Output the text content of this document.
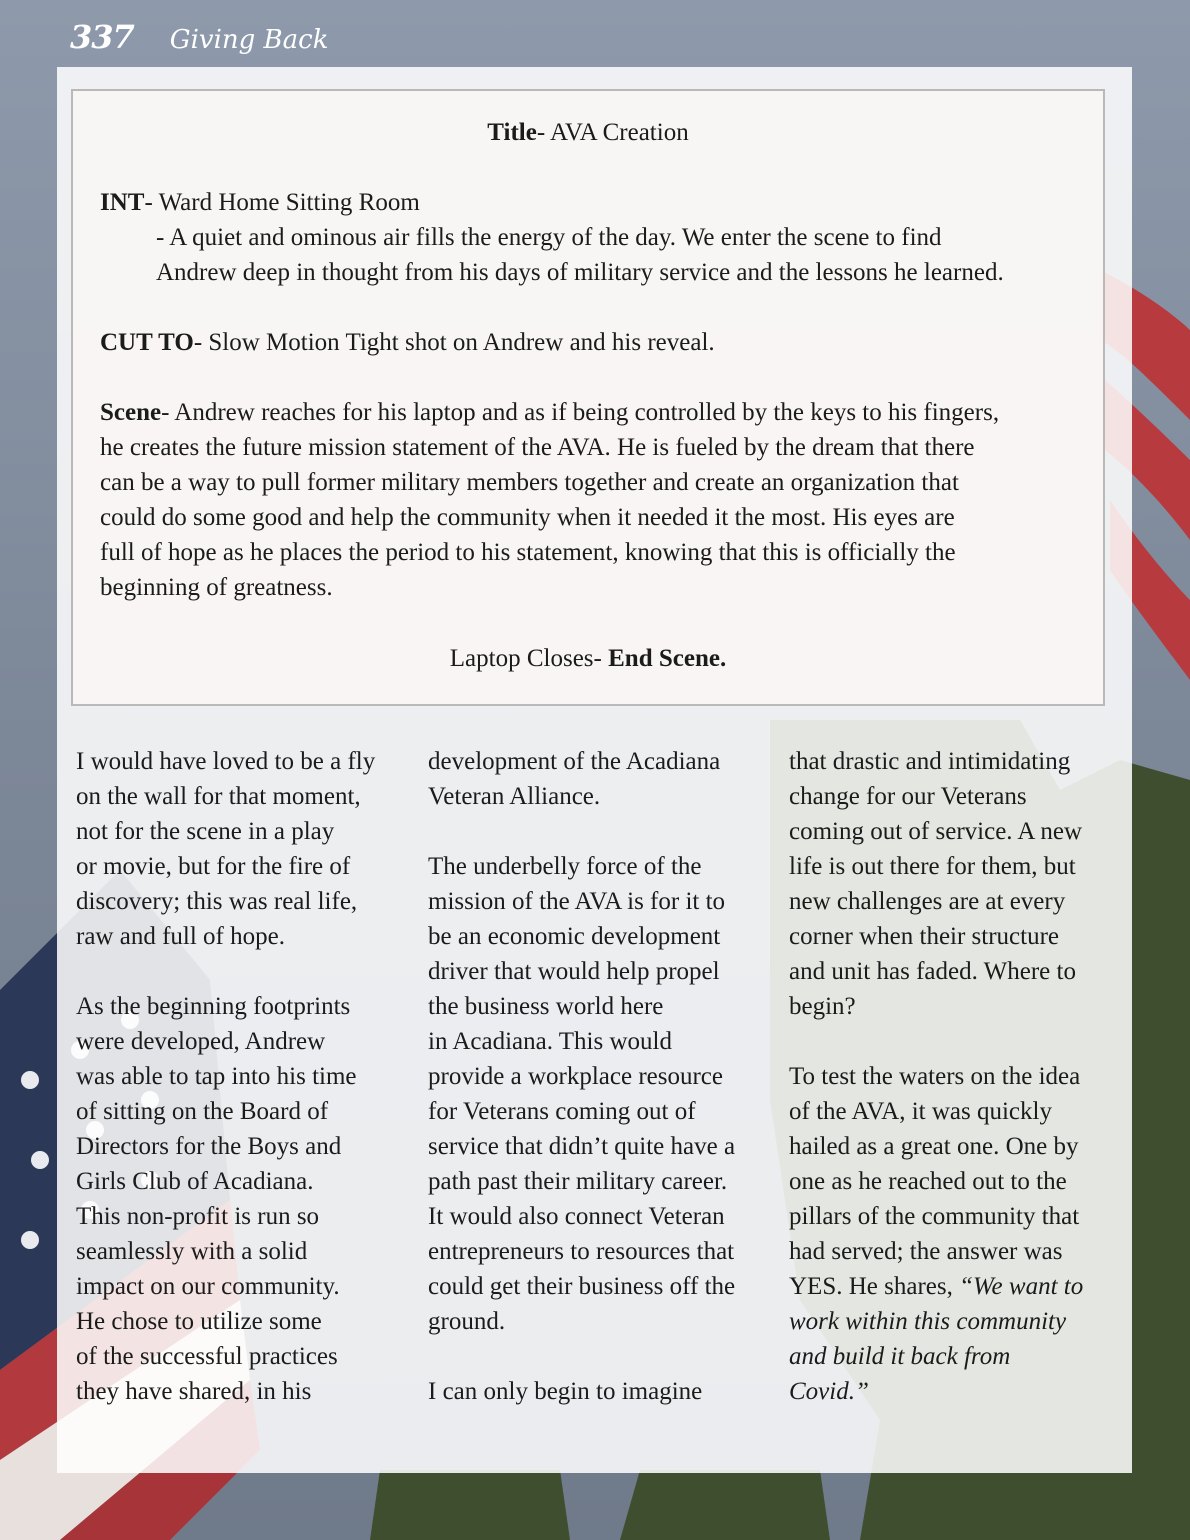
337 Giving Back
Title- AVA Creation
INT- Ward Home Sitting Room
- A quiet and ominous air fills the energy of the day. We enter the scene to find
Andrew deep in thought from his days of military service and the lessons he learned.
CUT TO- Slow Motion Tight shot on Andrew and his reveal.
Scene- Andrew reaches for his laptop and as if being controlled by the keys to his fingers,
he creates the future mission statement of the AVA. He is fueled by the dream that there
can be a way to pull former military members together and create an organization that
could do some good and help the community when it needed it the most. His eyes are
full of hope as he places the period to his statement, knowing that this is officially the
beginning of greatness.
Laptop Closes- End Scene.

I would have loved to be a fly
on the wall for that moment,
not for the scene in a play
or movie, but for the fire of
discovery; this was real life,
raw and full of hope.

As the beginning footprints
were developed, Andrew
was able to tap into his time
of sitting on the Board of
Directors for the Boys and
Girls Club of Acadiana.
This non-profit is run so
seamlessly with a solid
impact on our community.
He chose to utilize some
of the successful practices
they have shared, in his

development of the Acadiana
Veteran Alliance.

The underbelly force of the
mission of the AVA is for it to
be an economic development
driver that would help propel
the business world here
in Acadiana. This would
provide a workplace resource
for Veterans coming out of
service that didn’t quite have a
path past their military career.
It would also connect Veteran
entrepreneurs to resources that
could get their business off the
ground.

I can only begin to imagine

that drastic and intimidating
change for our Veterans
coming out of service. A new
life is out there for them, but
new challenges are at every
corner when their structure
and unit has faded. Where to
begin?

To test the waters on the idea
of the AVA, it was quickly
hailed as a great one. One by
one as he reached out to the
pillars of the community that
had served; the answer was
YES. He shares, “We want to
work within this community
and build it back from
Covid.”
